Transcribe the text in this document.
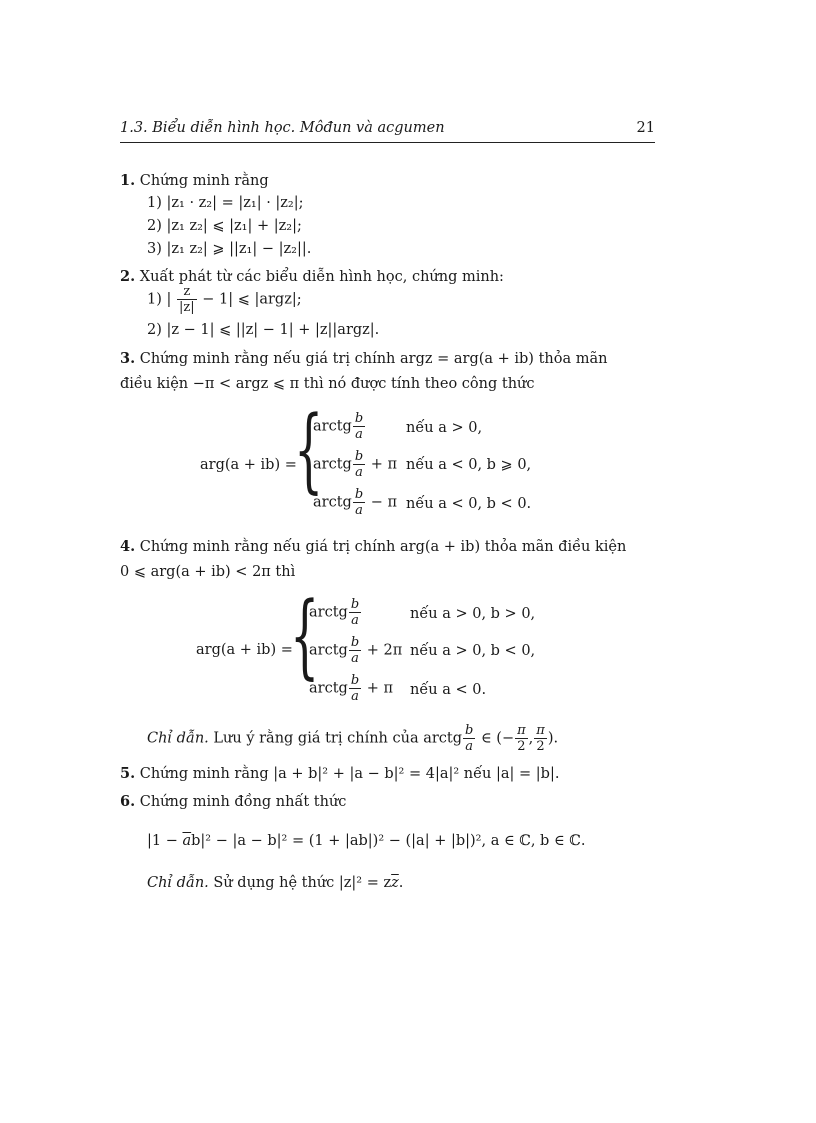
1.3. Biểu diễn hình học. Môđun và acgumen	21
1. Chứng minh rằng
1) |z₁ · z₂| = |z₁| · |z₂|;
2) |z₁ z₂| ⩽ |z₁| + |z₂|;
3) |z₁ z₂| ⩾ ||z₁| − |z₂||.
2. Xuất phát từ các biểu diễn hình học, chứng minh:
1) | $\frac{z}{|z|} - 1|$ ⩽ |argz|;
2) |z − 1| ⩽ ||z| − 1| + |z||argz|.
3. Chứng minh rằng nếu giá trị chính argz = arg(a + ib) thỏa mãn
điều kiện −π < argz ⩽ π thì nó được tính theo công thức
arg(a + ib) =
{
arctg $\frac{b}{a}$	nếu a > 0,
arctg $\frac{b}{a} + \pi$ nếu a < 0, b ⩾ 0,
arctg $\frac{b}{a} - \pi$ nếu a < 0, b < 0.
4. Chứng minh rằng nếu giá trị chính arg(a + ib) thỏa mãn điều kiện
0 ⩽ arg(a + ib) < 2π thì
arg(a + ib) =
{
arctg $\frac{b}{a}$	nếu a > 0, b > 0,
arctg $\frac{b}{a} + 2\pi$ nếu a > 0, b < 0,
arctg $\frac{b}{a} + \pi$ nếu a < 0.
Chỉ dẫn. Lưu ý rằng giá trị chính của arctg $\frac{b}{a}$ ∈ (− $\frac{\pi}{2}$ , $\frac{\pi}{2}$ ).
5. Chứng minh rằng |a + b|² + |a − b|² = 4|a|² nếu |a| = |b|.
6. Chứng minh đồng nhất thức
$|1 - \overline{a}b|^2 - |a - b|^2 = (1 + |ab|)^2 - (|a| + |b|)^2$, a ∈ ℂ, b ∈ ℂ.
Chỉ dẫn. Sử dụng hệ thức $|z|^2 = z\overline{z}$.
